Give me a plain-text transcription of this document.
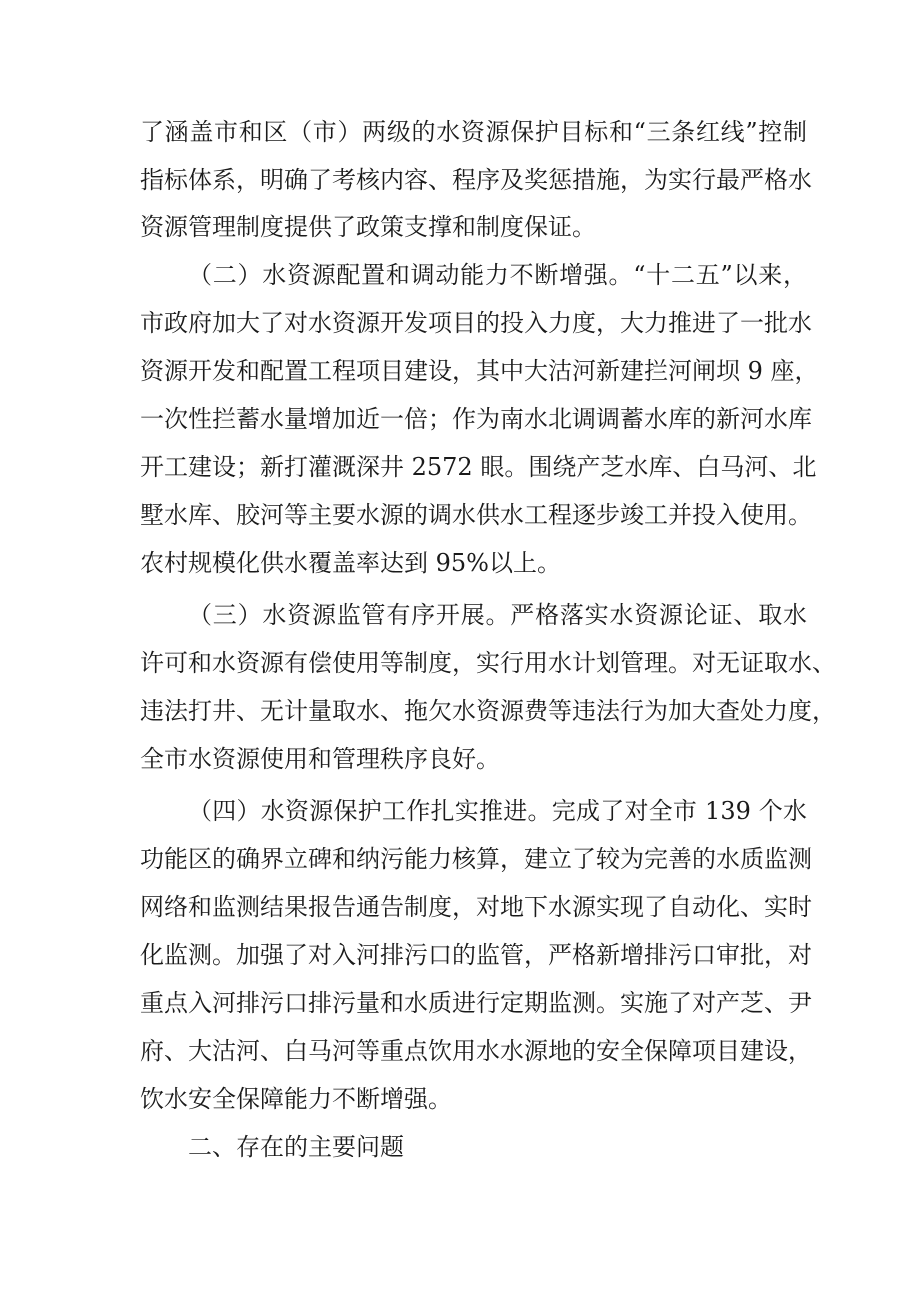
了涵盖市和区（市）两级的水资源保护目标和“三条红线”控制

指标体系，明确了考核内容、程序及奖惩措施，为实行最严格水

资源管理制度提供了政策支撑和制度保证。

（二）水资源配置和调动能力不断增强。“十二五”以来，

市政府加大了对水资源开发项目的投入力度，大力推进了一批水

资源开发和配置工程项目建设，其中大沽河新建拦河闸坝 9 座，

一次性拦蓄水量增加近一倍；作为南水北调调蓄水库的新河水库

开工建设；新打灌溉深井 2572 眼。围绕产芝水库、白马河、北

墅水库、胶河等主要水源的调水供水工程逐步竣工并投入使用。

农村规模化供水覆盖率达到 95%以上。

（三）水资源监管有序开展。严格落实水资源论证、取水

许可和水资源有偿使用等制度，实行用水计划管理。对无证取水、

违法打井、无计量取水、拖欠水资源费等违法行为加大查处力度，

全市水资源使用和管理秩序良好。

（四）水资源保护工作扎实推进。完成了对全市 139 个水

功能区的确界立碑和纳污能力核算，建立了较为完善的水质监测

网络和监测结果报告通告制度，对地下水源实现了自动化、实时

化监测。加强了对入河排污口的监管，严格新增排污口审批，对

重点入河排污口排污量和水质进行定期监测。实施了对产芝、尹

府、大沽河、白马河等重点饮用水水源地的安全保障项目建设，

饮水安全保障能力不断增强。

二、存在的主要问题
